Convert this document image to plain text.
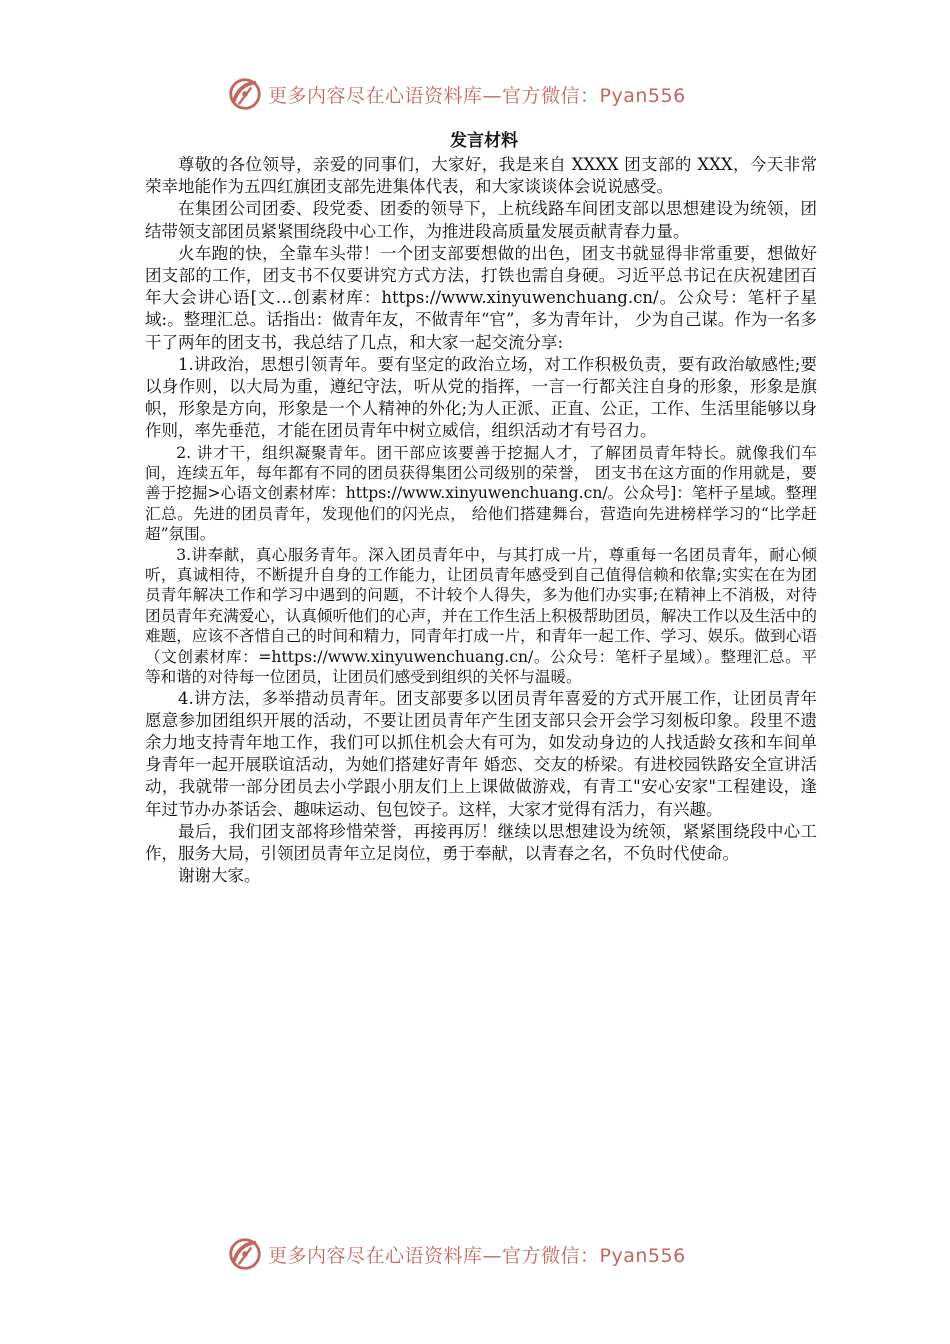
更多内容尽在心语资料库—官方微信：Pyan556
发言材料

尊敬的各位领导，亲爱的同事们，大家好，我是来自 XXXX 团支部的 XXX，今天非常荣幸地能作为五四红旗团支部先进集体代表，和大家谈谈体会说说感受。

在集团公司团委、段党委、团委的领导下，上杭线路车间团支部以思想建设为统领，团结带领支部团员紧紧围绕段中心工作，为推进段高质量发展贡献青春力量。

火车跑的快，全靠车头带！一个团支部要想做的出色，团支书就显得非常重要，想做好团支部的工作，团支书不仅要讲究方式方法，打铁也需自身硬。习近平总书记在庆祝建团百年大会讲心语[文…创素材库：https://www.xinyuwenchuang.cn/。公众号：笔杆子星域:。整理汇总。话指出：做青年友，不做青年“官”，多为青年计， 少为自己谋。作为一名多干了两年的团支书，我总结了几点，和大家一起交流分享:

1.讲政治，思想引领青年。要有坚定的政治立场，对工作积极负责，要有政治敏感性;要以身作则，以大局为重，遵纪守法，听从党的指挥，一言一行都关注自身的形象，形象是旗帜，形象是方向，形象是一个人精神的外化;为人正派、正直、公正，工作、生活里能够以身作则，率先垂范，才能在团员青年中树立威信，组织活动才有号召力。

2. 讲才干，组织凝聚青年。团干部应该要善于挖掘人才，了解团员青年特长。就像我们车间，连续五年，每年都有不同的团员获得集团公司级别的荣誉， 团支书在这方面的作用就是，要善于挖掘>心语文创素材库：https://www.xinyuwenchuang.cn/。公众号]：笔杆子星域。整理汇总。先进的团员青年，发现他们的闪光点， 给他们搭建舞台，营造向先进榜样学习的“比学赶超”氛围。

3.讲奉献，真心服务青年。深入团员青年中，与其打成一片，尊重每一名团员青年，耐心倾听，真诚相待，不断提升自身的工作能力，让团员青年感受到自己值得信赖和依靠;实实在在为团员青年解决工作和学习中遇到的问题，不计较个人得失，多为他们办实事;在精神上不消极，对待团员青年充满爱心，认真倾听他们的心声，并在工作生活上积极帮助团员，解决工作以及生活中的难题，应该不吝惜自己的时间和精力，同青年打成一片，和青年一起工作、学习、娱乐。做到心语（文创素材库：=https://www.xinyuwenchuang.cn/。公众号：笔杆子星域）。整理汇总。平等和谐的对待每一位团员，让团员们感受到组织的关怀与温暖。

4.讲方法，多举措动员青年。团支部要多以团员青年喜爱的方式开展工作，让团员青年愿意参加团组织开展的活动，不要让团员青年产生团支部只会开会学习刻板印象。段里不遗余力地支持青年地工作，我们可以抓住机会大有可为，如发动身边的人找适龄女孩和车间单身青年一起开展联谊活动，为她们搭建好青年 婚恋、交友的桥梁。有进校园铁路安全宣讲活动，我就带一部分团员去小学跟小朋友们上上课做做游戏，有青工"安心安家"工程建设，逢年过节办办茶话会、趣味运动、包包饺子。这样，大家才觉得有活力，有兴趣。

最后，我们团支部将珍惜荣誉，再接再厉！继续以思想建设为统领，紧紧围绕段中心工作，服务大局，引领团员青年立足岗位，勇于奉献，以青春之名，不负时代使命。

谢谢大家。

更多内容尽在心语资料库—官方微信：Pyan556
